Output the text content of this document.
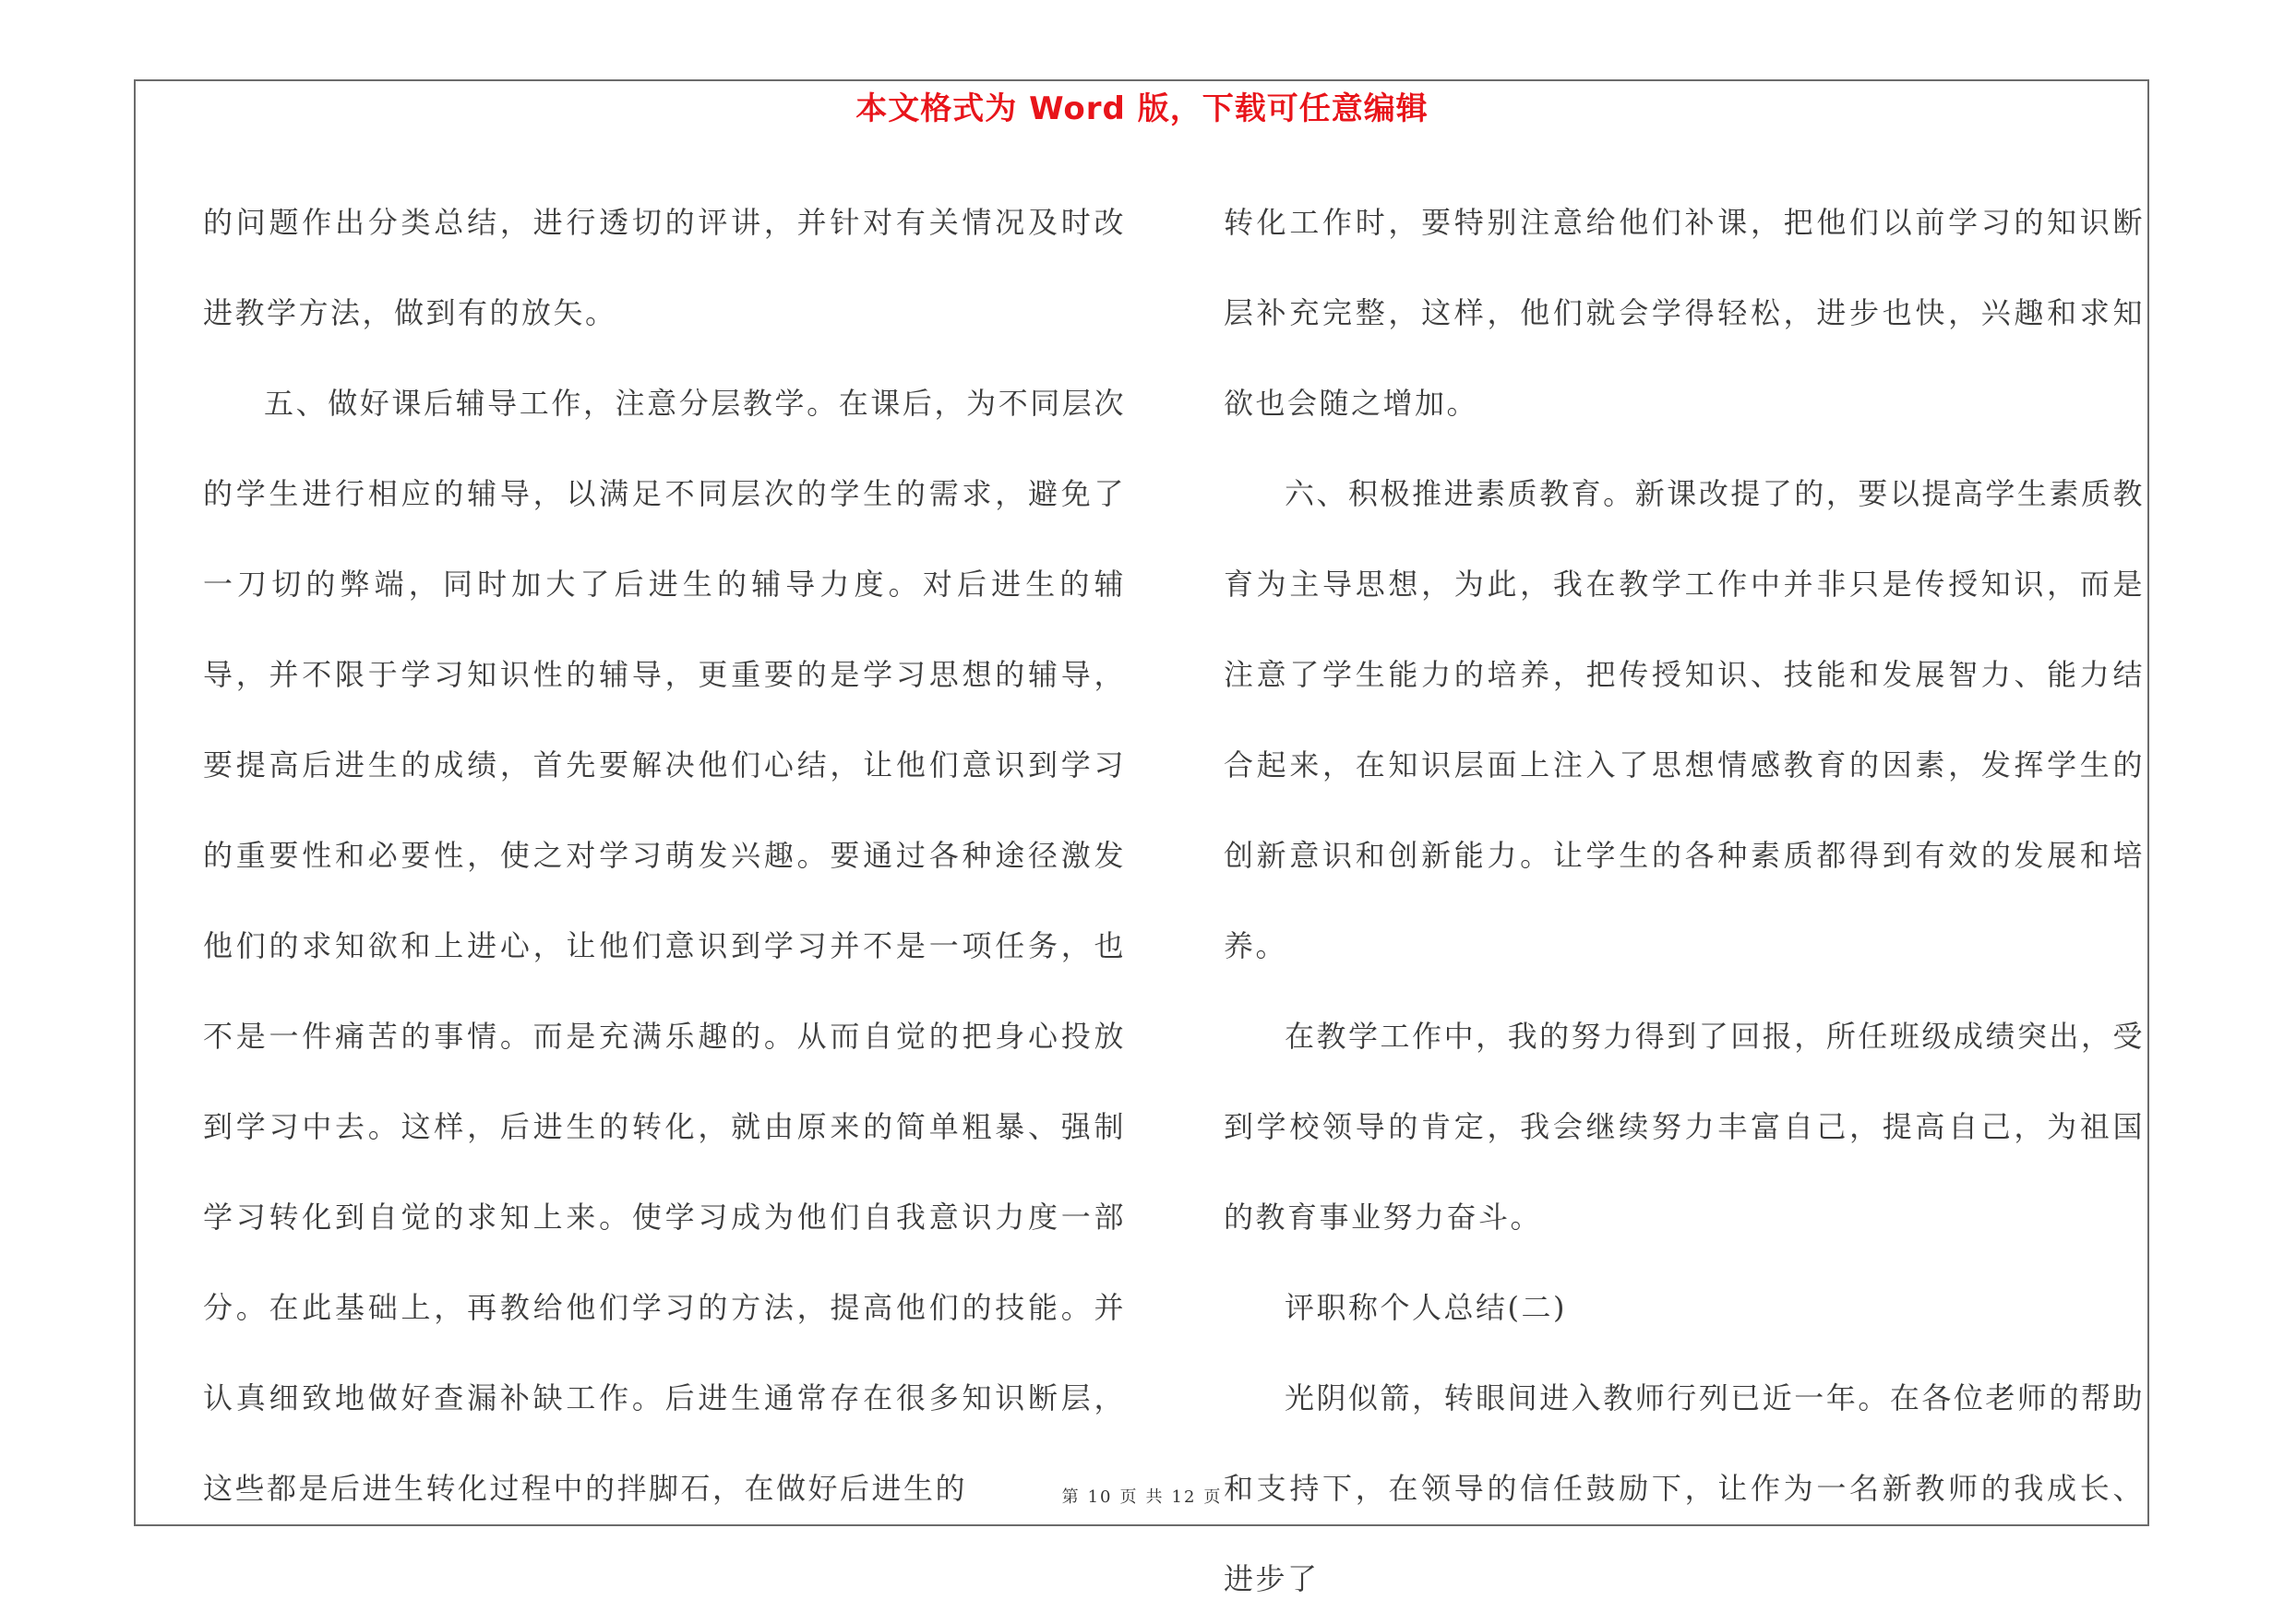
本文格式为 Word 版，下载可任意编辑

的问题作出分类总结，进行透切的评讲，并针对有关情况及时改进教学方法，做到有的放矢。

五、做好课后辅导工作，注意分层教学。在课后，为不同层次的学生进行相应的辅导，以满足不同层次的学生的需求，避免了一刀切的弊端，同时加大了后进生的辅导力度。对后进生的辅导，并不限于学习知识性的辅导，更重要的是学习思想的辅导，要提高后进生的成绩，首先要解决他们心结，让他们意识到学习的重要性和必要性，使之对学习萌发兴趣。要通过各种途径激发他们的求知欲和上进心，让他们意识到学习并不是一项任务，也不是一件痛苦的事情。而是充满乐趣的。从而自觉的把身心投放到学习中去。这样，后进生的转化，就由原来的简单粗暴、强制学习转化到自觉的求知上来。使学习成为他们自我意识力度一部分。在此基础上，再教给他们学习的方法，提高他们的技能。并认真细致地做好查漏补缺工作。后进生通常存在很多知识断层，这些都是后进生转化过程中的拌脚石，在做好后进生的

转化工作时，要特别注意给他们补课，把他们以前学习的知识断层补充完整，这样，他们就会学得轻松，进步也快，兴趣和求知欲也会随之增加。

六、积极推进素质教育。新课改提了的，要以提高学生素质教育为主导思想，为此，我在教学工作中并非只是传授知识，而是注意了学生能力的培养，把传授知识、技能和发展智力、能力结合起来，在知识层面上注入了思想情感教育的因素，发挥学生的创新意识和创新能力。让学生的各种素质都得到有效的发展和培养。

在教学工作中，我的努力得到了回报，所任班级成绩突出，受到学校领导的肯定，我会继续努力丰富自己，提高自己，为祖国的教育事业努力奋斗。

评职称个人总结(二)

光阴似箭，转眼间进入教师行列已近一年。在各位老师的帮助和支持下，在领导的信任鼓励下，让作为一名新教师的我成长、进步了

第 10 页 共 12 页
